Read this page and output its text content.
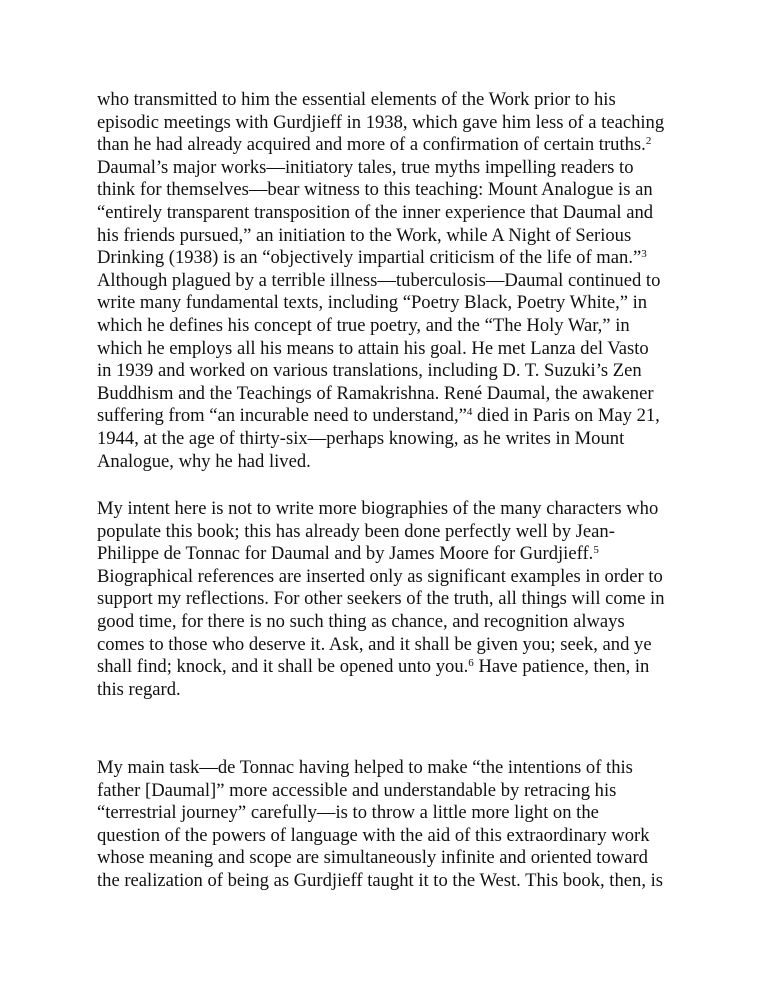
who transmitted to him the essential elements of the Work prior to his
episodic meetings with Gurdjieff in 1938, which gave him less of a teaching
than he had already acquired and more of a confirmation of certain truths.$^2$
Daumal’s major works—initiatory tales, true myths impelling readers to
think for themselves—bear witness to this teaching: Mount Analogue is an
“entirely transparent transposition of the inner experience that Daumal and
his friends pursued,” an initiation to the Work, while A Night of Serious
Drinking (1938) is an “objectively impartial criticism of the life of man.”$^3$
Although plagued by a terrible illness—tuberculosis—Daumal continued to
write many fundamental texts, including “Poetry Black, Poetry White,” in
which he defines his concept of true poetry, and the “The Holy War,” in
which he employs all his means to attain his goal. He met Lanza del Vasto
in 1939 and worked on various translations, including D. T. Suzuki’s Zen
Buddhism and the Teachings of Ramakrishna. René Daumal, the awakener
suffering from “an incurable need to understand,”$^4$ died in Paris on May 21,
1944, at the age of thirty-six—perhaps knowing, as he writes in Mount
Analogue, why he had lived.
My intent here is not to write more biographies of the many characters who
populate this book; this has already been done perfectly well by Jean-
Philippe de Tonnac for Daumal and by James Moore for Gurdjieff.$^5$
Biographical references are inserted only as significant examples in order to
support my reflections. For other seekers of the truth, all things will come in
good time, for there is no such thing as chance, and recognition always
comes to those who deserve it. Ask, and it shall be given you; seek, and ye
shall find; knock, and it shall be opened unto you.$^6$ Have patience, then, in
this regard.
My main task—de Tonnac having helped to make “the intentions of this
father [Daumal]” more accessible and understandable by retracing his
“terrestrial journey” carefully—is to throw a little more light on the
question of the powers of language with the aid of this extraordinary work
whose meaning and scope are simultaneously infinite and oriented toward
the realization of being as Gurdjieff taught it to the West. This book, then, is
